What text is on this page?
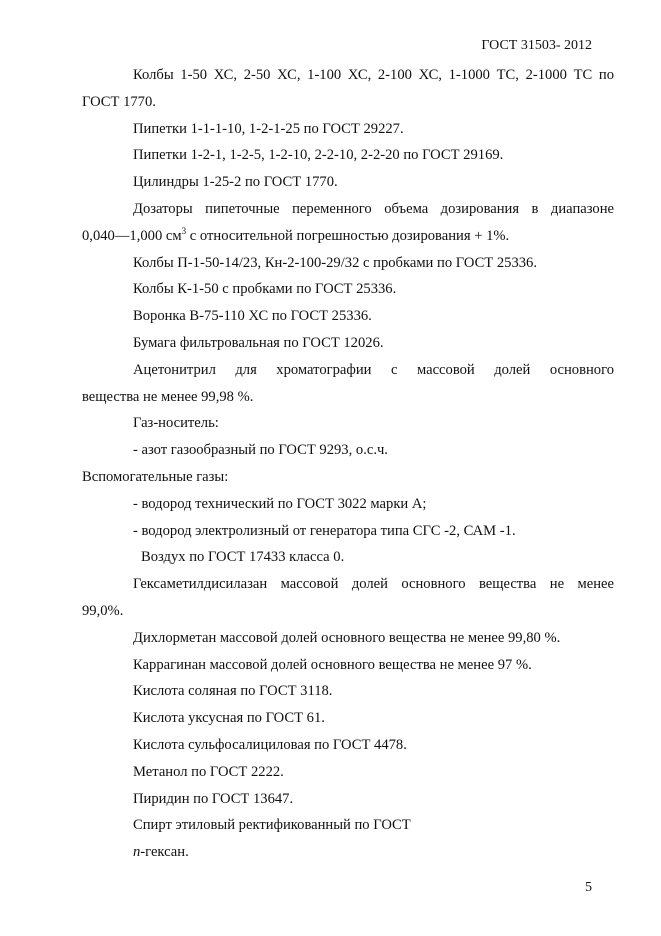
ГОСТ 31503- 2012
Колбы 1-50 ХС, 2-50 ХС, 1-100 ХС, 2-100 ХС, 1-1000 ТС, 2-1000 ТС по
ГОСТ 1770.
Пипетки 1-1-1-10, 1-2-1-25 по ГОСТ 29227.
Пипетки 1-2-1, 1-2-5, 1-2-10, 2-2-10, 2-2-20 по ГОСТ 29169.
Цилиндры 1-25-2 по ГОСТ 1770.
Дозаторы пипеточные переменного объема дозирования в диапазоне
0,040—1,000 $см^3$ с относительной погрешностью дозирования + 1%.
Колбы П-1-50-14/23, Кн-2-100-29/32 с пробками по ГОСТ 25336.
Колбы К-1-50 с пробками по ГОСТ 25336.
Воронка В-75-110 ХС по ГОСТ 25336.
Бумага фильтровальная по ГОСТ 12026.
Ацетонитрил для хроматографии с массовой долей основного
вещества не менее 99,98 %.
Газ-носитель:
- азот газообразный по ГОСТ 9293, о.с.ч.
Вспомогательные газы:
- водород технический по ГОСТ 3022 марки А;
- водород электролизный от генератора типа СГС -2, САМ -1.
Воздух по ГОСТ 17433 класса 0.
Гексаметилдисилазан массовой долей основного вещества не менее
99,0%.
Дихлорметан массовой долей основного вещества не менее 99,80 %.
Каррагинан массовой долей основного вещества не менее 97 %.
Кислота соляная по ГОСТ 3118.
Кислота уксусная по ГОСТ 61.
Кислота сульфосалициловая по ГОСТ 4478.
Метанол по ГОСТ 2222.
Пиридин по ГОСТ 13647.
Спирт этиловый ректификованный по ГОСТ
n-гексан.
5
